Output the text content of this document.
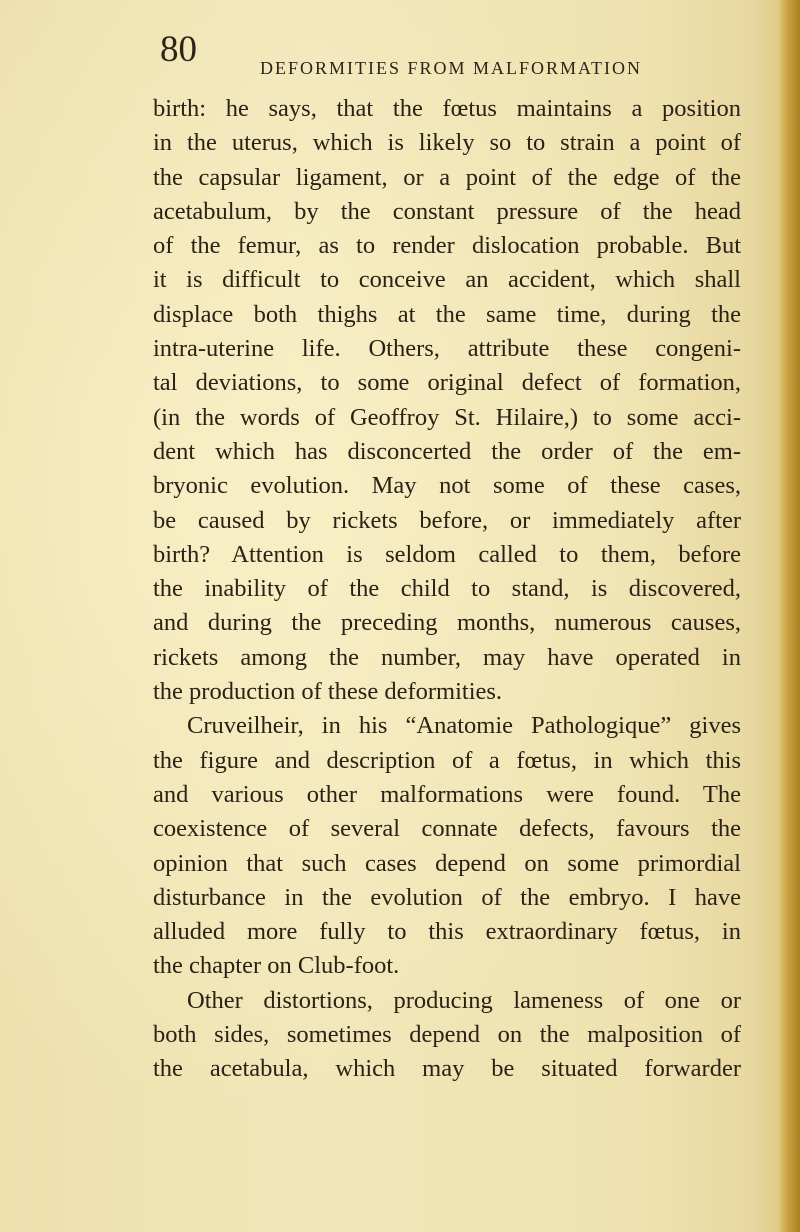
80	DEFORMITIES FROM MALFORMATION
birth: he says, that the fœtus maintains a position
in the uterus, which is likely so to strain a point of
the capsular ligament, or a point of the edge of the
acetabulum, by the constant pressure of the head
of the femur, as to render dislocation probable. But
it is difficult to conceive an accident, which shall
displace both thighs at the same time, during the
intra-uterine life. Others, attribute these congeni-
tal deviations, to some original defect of formation,
(in the words of Geoffroy St. Hilaire,) to some acci-
dent which has disconcerted the order of the em-
bryonic evolution. May not some of these cases,
be caused by rickets before, or immediately after
birth? Attention is seldom called to them, before
the inability of the child to stand, is discovered,
and during the preceding months, numerous causes,
rickets among the number, may have operated in
the production of these deformities.
Cruveilheir, in his “Anatomie Pathologique” gives
the figure and description of a fœtus, in which this
and various other malformations were found. The
coexistence of several connate defects, favours the
opinion that such cases depend on some primordial
disturbance in the evolution of the embryo. I have
alluded more fully to this extraordinary fœtus, in
the chapter on Club-foot.
Other distortions, producing lameness of one or
both sides, sometimes depend on the malposition of
the acetabula, which may be situated forwarder
